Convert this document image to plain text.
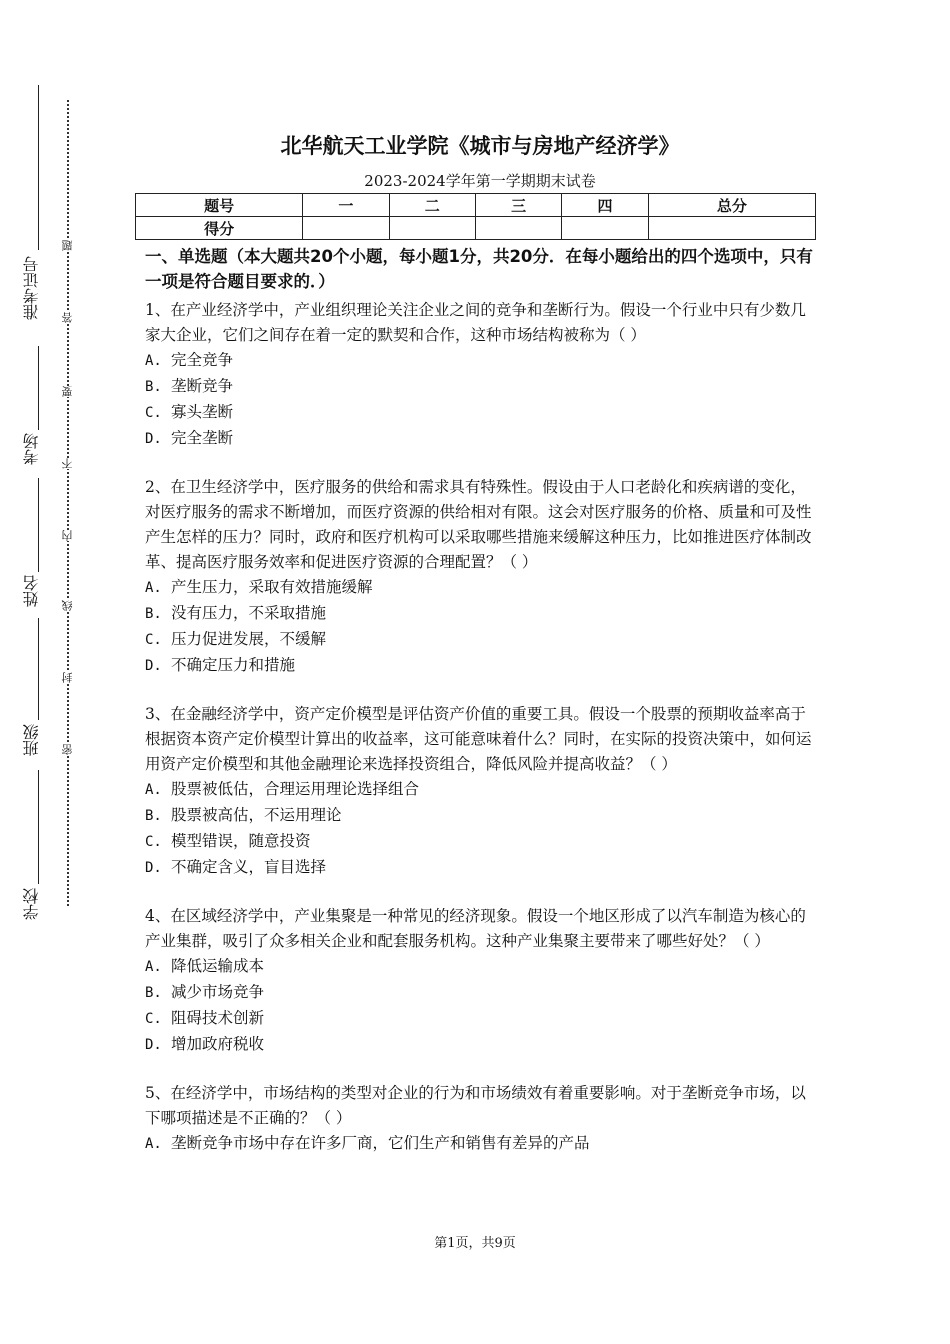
准考证号
考场
姓名
班级
学校
题
答
要
不
内
线
封
密
北华航天工业学院《城市与房地产经济学》
2023-2024学年第一学期期末试卷
题号	一	二	三	四	总分
得分					

一、单选题（本大题共20个小题，每小题1分，共20分．在每小题给出的四个选项中，只有一项是符合题目要求的．）

1、在产业经济学中，产业组织理论关注企业之间的竞争和垄断行为。假设一个行业中只有少数几家大企业，它们之间存在着一定的默契和合作，这种市场结构被称为（ ）

A. 完全竞争
B. 垄断竞争
C. 寡头垄断
D. 完全垄断

2、在卫生经济学中，医疗服务的供给和需求具有特殊性。假设由于人口老龄化和疾病谱的变化，对医疗服务的需求不断增加，而医疗资源的供给相对有限。这会对医疗服务的价格、质量和可及性产生怎样的压力？同时，政府和医疗机构可以采取哪些措施来缓解这种压力，比如推进医疗体制改革、提高医疗服务效率和促进医疗资源的合理配置？（ ）

A. 产生压力，采取有效措施缓解
B. 没有压力，不采取措施
C. 压力促进发展，不缓解
D. 不确定压力和措施

3、在金融经济学中，资产定价模型是评估资产价值的重要工具。假设一个股票的预期收益率高于根据资本资产定价模型计算出的收益率，这可能意味着什么？同时，在实际的投资决策中，如何运用资产定价模型和其他金融理论来选择投资组合，降低风险并提高收益？（ ）

A. 股票被低估，合理运用理论选择组合
B. 股票被高估，不运用理论
C. 模型错误，随意投资
D. 不确定含义，盲目选择

4、在区域经济学中，产业集聚是一种常见的经济现象。假设一个地区形成了以汽车制造为核心的产业集群，吸引了众多相关企业和配套服务机构。这种产业集聚主要带来了哪些好处？（ ）

A. 降低运输成本
B. 减少市场竞争
C. 阻碍技术创新
D. 增加政府税收

5、在经济学中，市场结构的类型对企业的行为和市场绩效有着重要影响。对于垄断竞争市场，以下哪项描述是不正确的？（ ）

A. 垄断竞争市场中存在许多厂商，它们生产和销售有差异的产品
第1页，共9页
